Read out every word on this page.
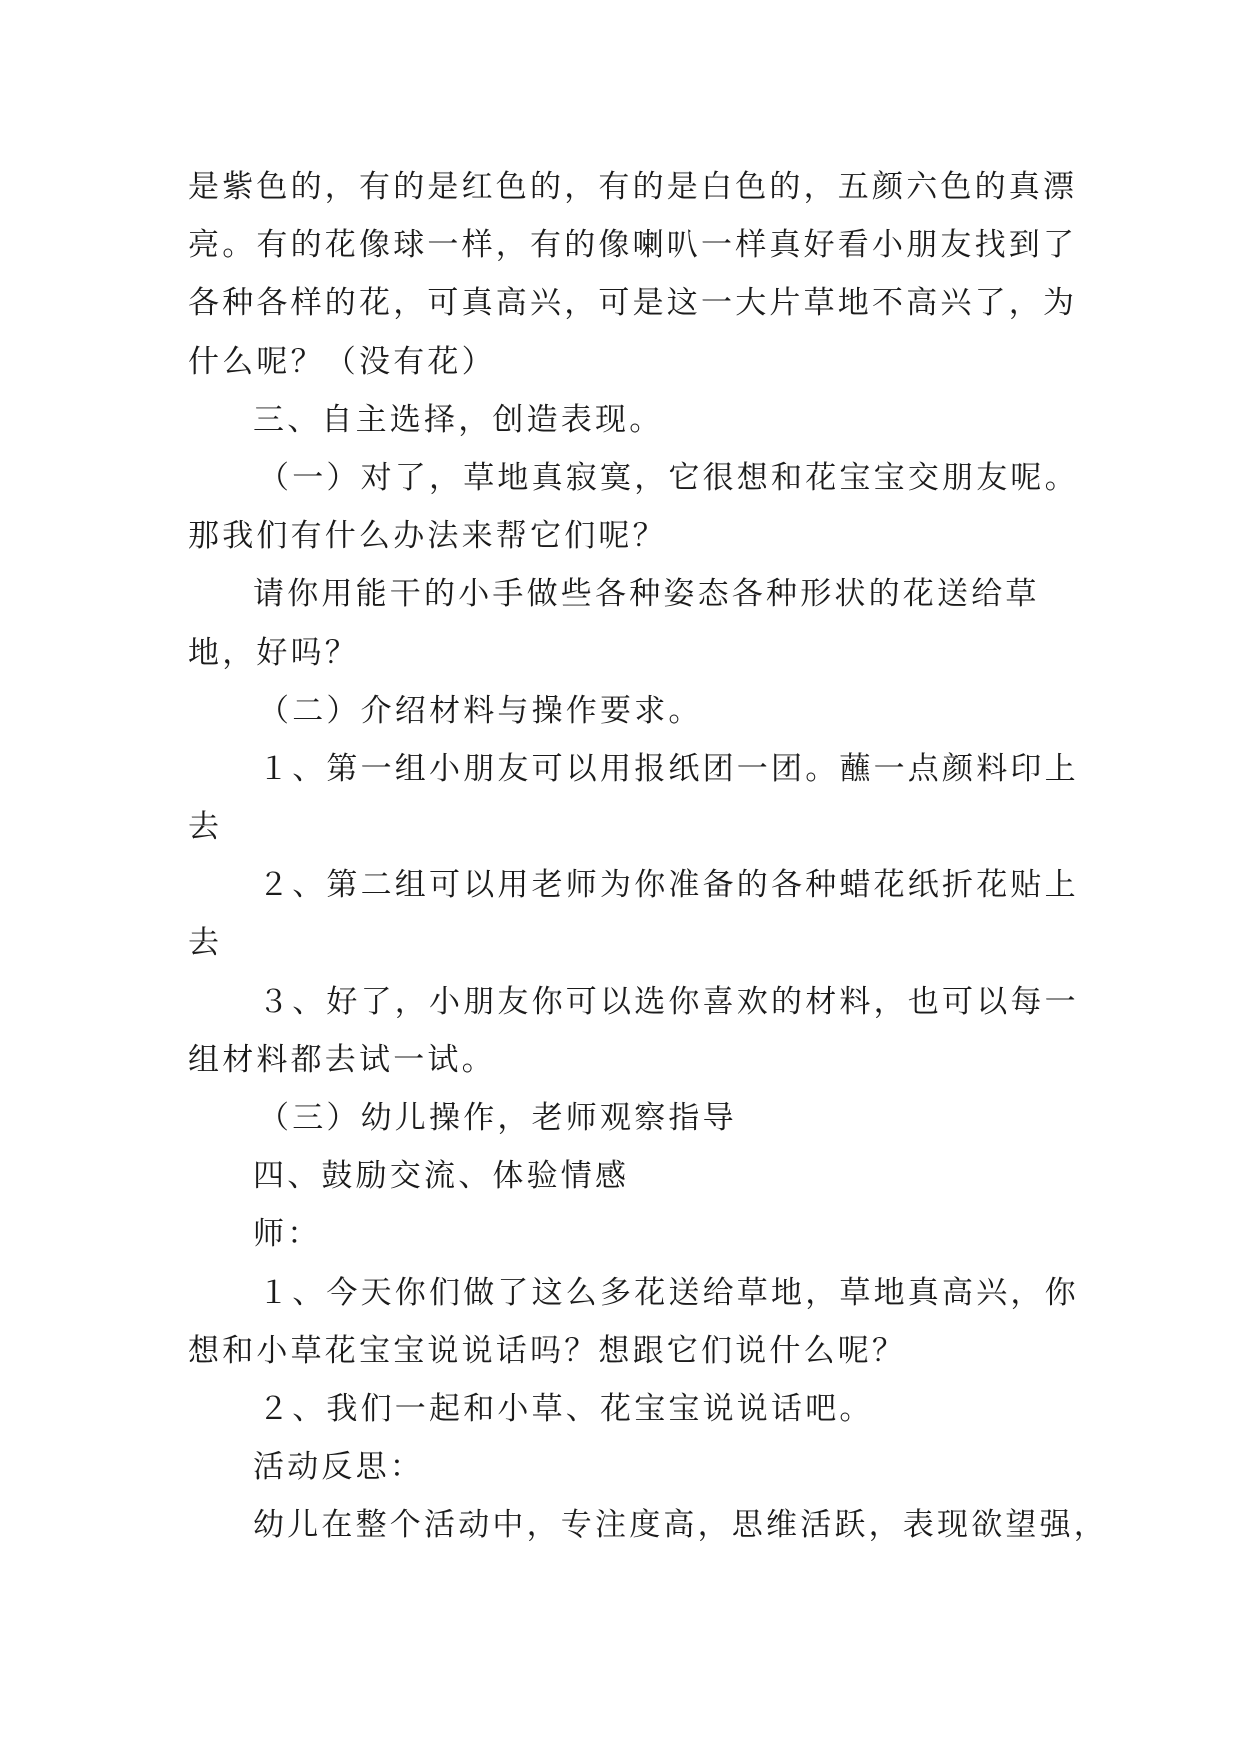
是紫色的，有的是红色的，有的是白色的，五颜六色的真漂
亮。有的花像球一样，有的像喇叭一样真好看小朋友找到了
各种各样的花，可真高兴，可是这一大片草地不高兴了，为
什么呢？（没有花）
三、自主选择，创造表现。
（一）对了，草地真寂寞，它很想和花宝宝交朋友呢。
那我们有什么办法来帮它们呢？
请你用能干的小手做些各种姿态各种形状的花送给草
地，好吗？
（二）介绍材料与操作要求。
１、第一组小朋友可以用报纸团一团。蘸一点颜料印上
去
２、第二组可以用老师为你准备的各种蜡花纸折花贴上
去
３、好了，小朋友你可以选你喜欢的材料，也可以每一
组材料都去试一试。
（三）幼儿操作，老师观察指导
四、鼓励交流、体验情感
师：
１、今天你们做了这么多花送给草地，草地真高兴，你
想和小草花宝宝说说话吗？想跟它们说什么呢？
２、我们一起和小草、花宝宝说说话吧。
活动反思：
幼儿在整个活动中，专注度高，思维活跃，表现欲望强，
